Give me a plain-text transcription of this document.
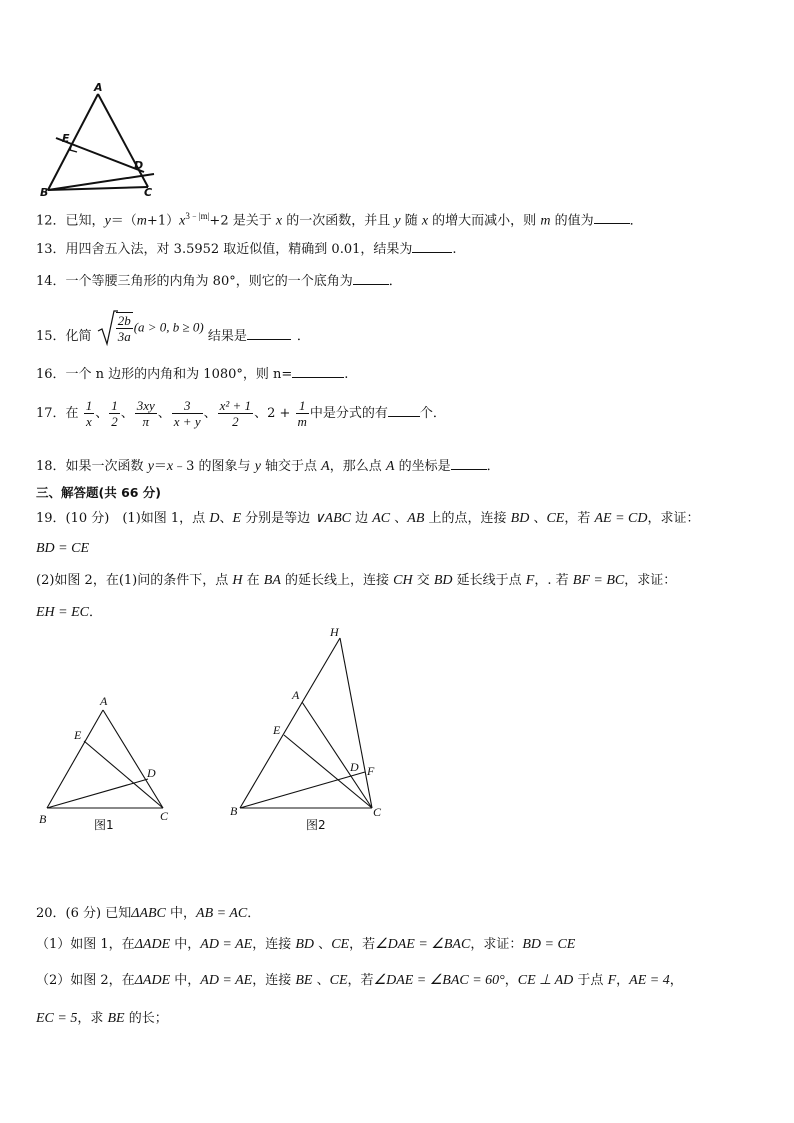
A
E
D
B	C
12．已知，$y=(m+1)x^{3﹣|m|}+2$ 是关于 x 的一次函数，并且 y 随 x 的增大而减小，则 m 的值为	．
13．用四舍五入法，对 3.5952 取近似值，精确到 0.01，结果为	.
14．一个等腰三角形的内角为 80°，则它的一个底角为	．
15．化简 $\frac{2b}{3a} (a > 0$, b ≥ 0) 结果是	．
16．一个 n 边形的内角和为 1080°，则 n=	.
17．在 $\frac{1}{x}$ 、 $\frac{1}{2}$ 、 $\frac{3xy}{\pi}$ 、 $\frac{3}{x + y}$ 、 $\frac{\text{x² + 1}}{2}$ 、$2 + \frac{1}{m}$ 中是分式的有 个．
18．如果一次函数 y＝x﹣3 的图象与 y 轴交于点 A，那么点 A 的坐标是	．
三、解答题(共 66 分)
19．(10 分)　(1)如图 1，点 D、E 分别是等边 ∨ABC 边 AC 、AB 上的点，连接 BD 、CE，若 AE = CD，求证：
BD = CE
(2)如图 2，在(1)问的条件下，点 H 在 BA 的延长线上，连接 CH 交 BD 延长线于点 F，. 若 BF = BC，求证：
EH = EC．
A
E
D
B	C
图1
H
A
E
D F
B	C
图2
20．(6 分) 已知ΔABC 中，AB = AC．
（1）如图 1，在ΔADE 中，AD = AE，连接 BD 、CE，若∠DAE = ∠BAC，求证：BD = CE
（2）如图 2，在ΔADE 中，AD = AE，连接 BE 、CE，若∠DAE = ∠BAC = 60°，CE ⊥ AD 于点 F，AE = 4，
EC = 5，求 BE 的长；
